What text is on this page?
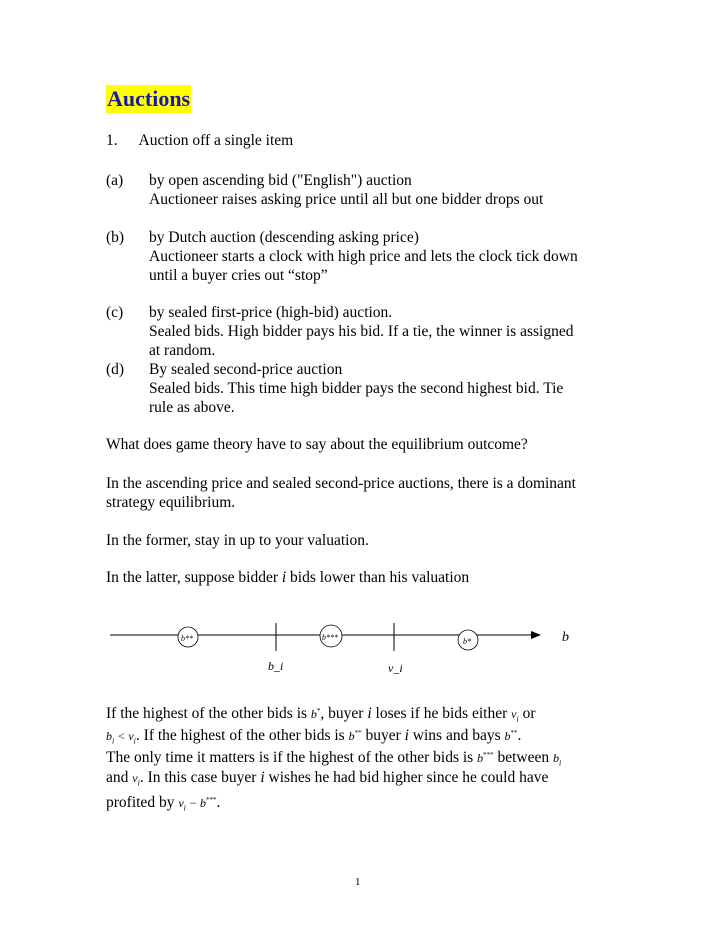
Auctions
1. Auction off a single item
(a) by open ascending bid ("English") auction
Auctioneer raises asking price until all but one bidder drops out
(b) by Dutch auction (descending asking price)
Auctioneer starts a clock with high price and lets the clock tick down
until a buyer cries out “stop”
(c) by sealed first-price (high-bid) auction.
Sealed bids. High bidder pays his bid. If a tie, the winner is assigned
at random.
(d) By sealed second-price auction
Sealed bids. This time high bidder pays the second highest bid. Tie
rule as above.
What does game theory have to say about the equilibrium outcome?
In the ascending price and sealed second-price auctions, there is a dominant
strategy equilibrium.
In the former, stay in up to your valuation.
In the latter, suppose bidder i bids lower than his valuation
b
b**	b***	b*
b_i	v_i
If the highest of the other bids is b*, buyer i loses if he bids either $v_i$ or
$b_i < v_i$. If the highest of the other bids is b** buyer i wins and bays b**.
The only time it matters is if the highest of the other bids is b*** between $b_i$
and $v_i$. In this case buyer i wishes he had bid higher since he could have
profited by $v_i - b^{***}$.
1
